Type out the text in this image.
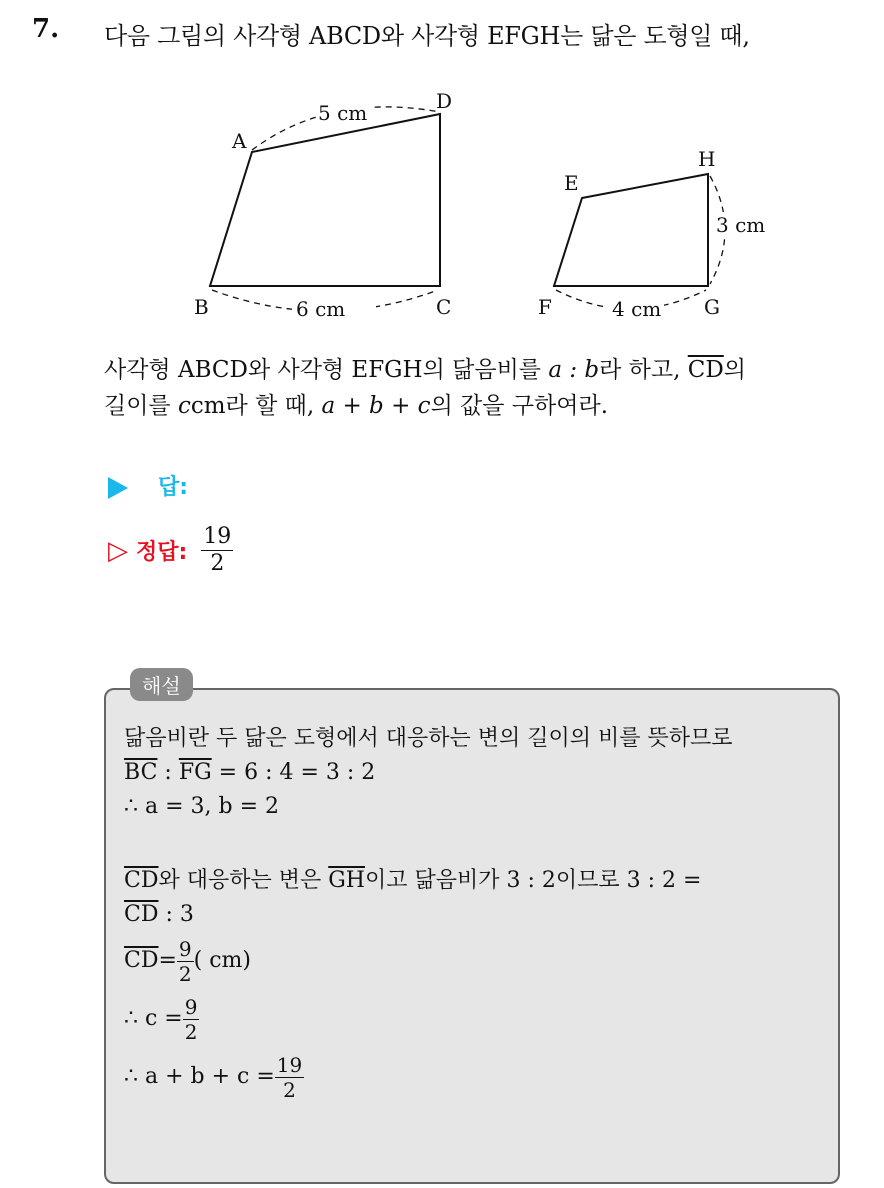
7. 다음 그림의 사각형 ABCD와 사각형 EFGH는 닮은 도형일 때,
A
D
B	C
5 cm
6 cm
E
H
F	G
3 cm
4 cm
사각형 ABCD와 사각형 EFGH의 닮음비를 a : b라 하고, $\overline{CD}$의
길이를 ccm라 할 때, a + b + c의 값을 구하여라.
답:
▷ 정답: $\frac{19}{2}$
해설
닮음비란 두 닮은 도형에서 대응하는 변의 길이의 비를 뜻하므로
$\overline{BC}$ : $\overline{FG} = 6$ : 4 = 3 : 2
∴ a = 3, b = 2
$\overline{CD}$와 대응하는 변은 $\overline{GH}$이고 닮음비가 3 : 2이므로 3 : 2 =
$\overline{CD}$ : 3
$\overline{CD} = \frac{9}{2}$ ( cm)
∴ $c = \frac{9}{2}$
∴ $a + b + c = \frac{19}{2}$
